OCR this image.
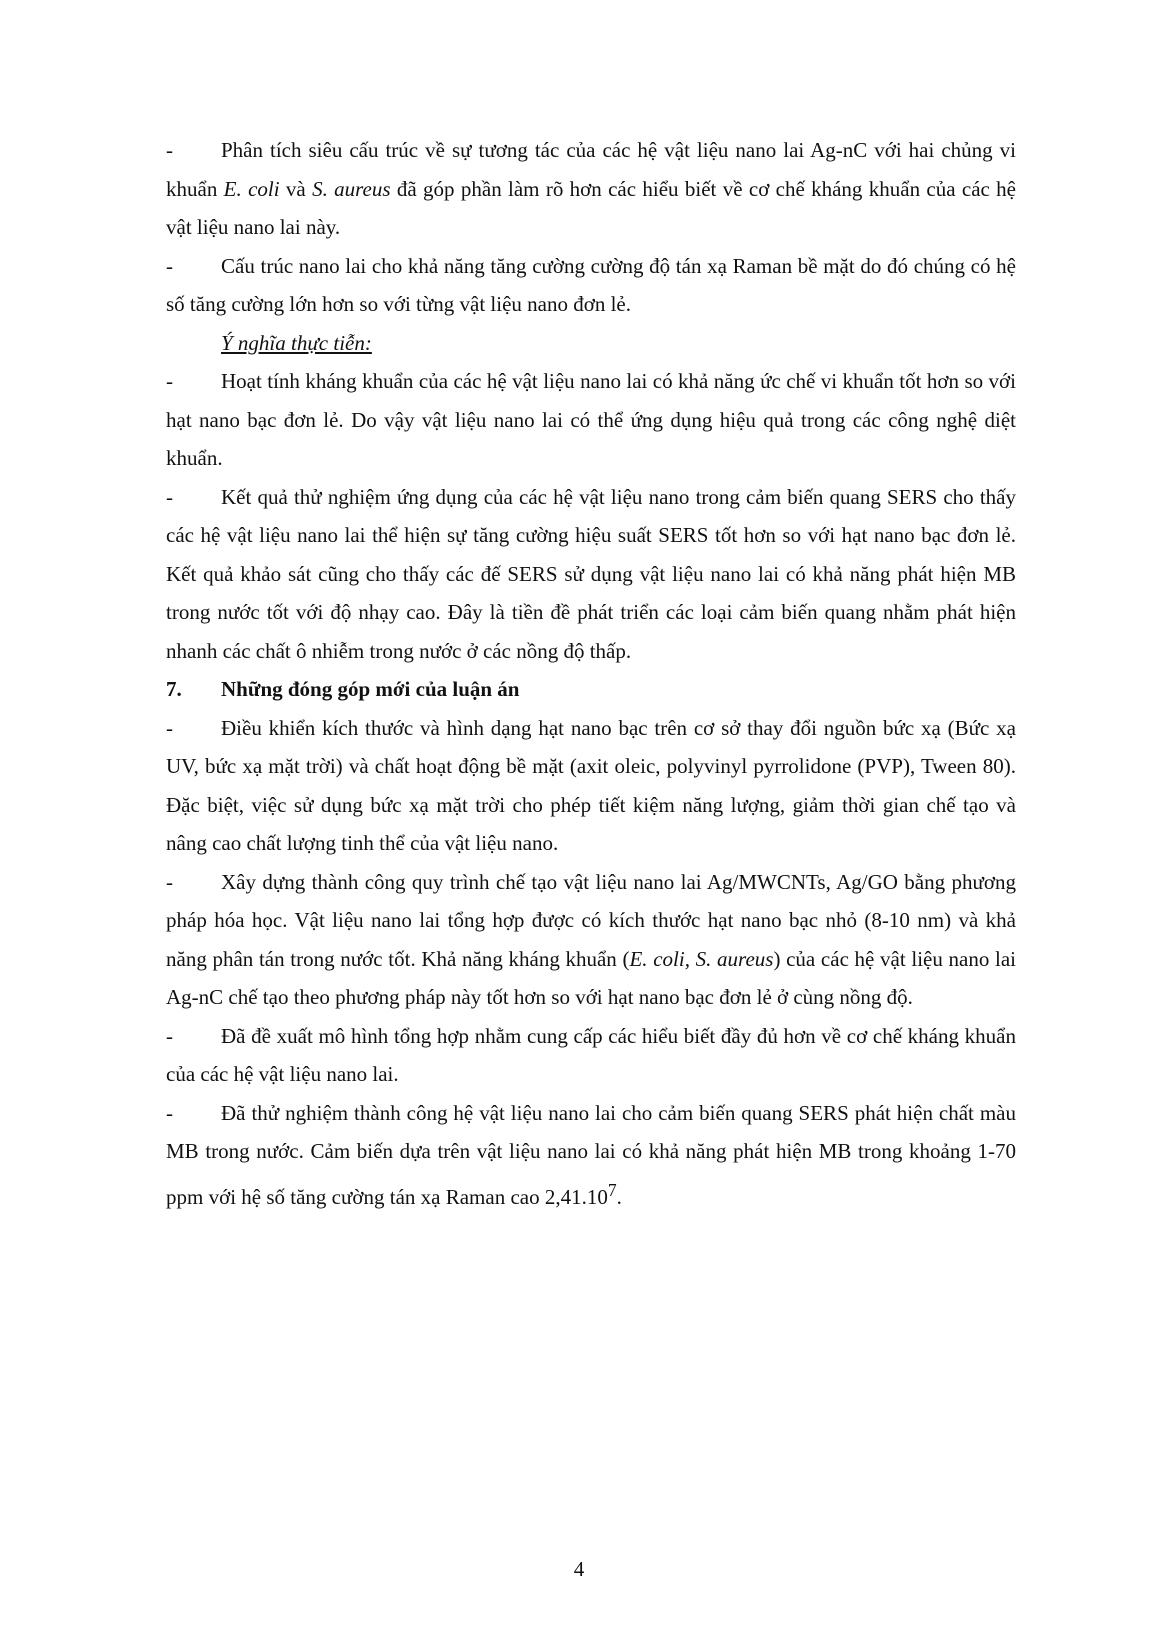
- Phân tích siêu cấu trúc về sự tương tác của các hệ vật liệu nano lai Ag-nC với hai chủng vi khuẩn E. coli và S. aureus đã góp phần làm rõ hơn các hiểu biết về cơ chế kháng khuẩn của các hệ vật liệu nano lai này.

- Cấu trúc nano lai cho khả năng tăng cường cường độ tán xạ Raman bề mặt do đó chúng có hệ số tăng cường lớn hơn so với từng vật liệu nano đơn lẻ.

Ý nghĩa thực tiễn:

- Hoạt tính kháng khuẩn của các hệ vật liệu nano lai có khả năng ức chế vi khuẩn tốt hơn so với hạt nano bạc đơn lẻ. Do vậy vật liệu nano lai có thể ứng dụng hiệu quả trong các công nghệ diệt khuẩn.

- Kết quả thử nghiệm ứng dụng của các hệ vật liệu nano trong cảm biến quang SERS cho thấy các hệ vật liệu nano lai thể hiện sự tăng cường hiệu suất SERS tốt hơn so với hạt nano bạc đơn lẻ. Kết quả khảo sát cũng cho thấy các đế SERS sử dụng vật liệu nano lai có khả năng phát hiện MB trong nước tốt với độ nhạy cao. Đây là tiền đề phát triển các loại cảm biến quang nhằm phát hiện nhanh các chất ô nhiễm trong nước ở các nồng độ thấp.

7. Những đóng góp mới của luận án

- Điều khiển kích thước và hình dạng hạt nano bạc trên cơ sở thay đổi nguồn bức xạ (Bức xạ UV, bức xạ mặt trời) và chất hoạt động bề mặt (axit oleic, polyvinyl pyrrolidone (PVP), Tween 80). Đặc biệt, việc sử dụng bức xạ mặt trời cho phép tiết kiệm năng lượng, giảm thời gian chế tạo và nâng cao chất lượng tinh thể của vật liệu nano.

- Xây dựng thành công quy trình chế tạo vật liệu nano lai Ag/MWCNTs, Ag/GO bằng phương pháp hóa học. Vật liệu nano lai tổng hợp được có kích thước hạt nano bạc nhỏ (8-10 nm) và khả năng phân tán trong nước tốt. Khả năng kháng khuẩn (E. coli, S. aureus) của các hệ vật liệu nano lai Ag-nC chế tạo theo phương pháp này tốt hơn so với hạt nano bạc đơn lẻ ở cùng nồng độ.

- Đã đề xuất mô hình tổng hợp nhằm cung cấp các hiểu biết đầy đủ hơn về cơ chế kháng khuẩn của các hệ vật liệu nano lai.

- Đã thử nghiệm thành công hệ vật liệu nano lai cho cảm biến quang SERS phát hiện chất màu MB trong nước. Cảm biến dựa trên vật liệu nano lai có khả năng phát hiện MB trong khoảng 1-70 ppm với hệ số tăng cường tán xạ Raman cao 2,41.10$^7$.

4
